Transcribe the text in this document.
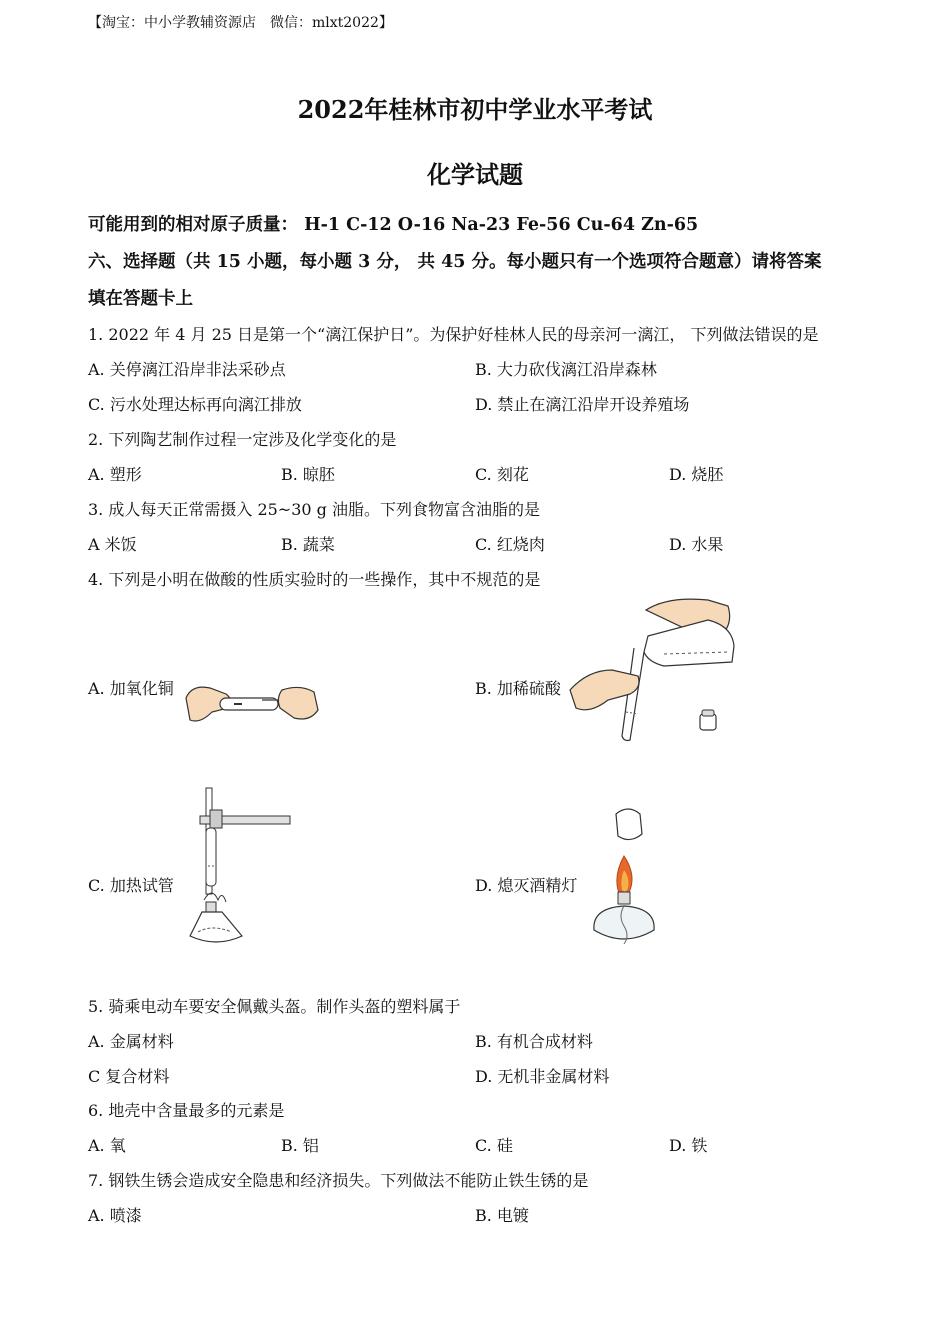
【淘宝：中小学教辅资源店　微信：mlxt2022】
2022年桂林市初中学业水平考试
化学试题
可能用到的相对原子质量： H-1 C-12 O-16 Na-23 Fe-56 Cu-64 Zn-65
六、选择题（共 15 小题，每小题 3 分， 共 45 分。每小题只有一个选项符合题意）请将答案
填在答题卡上
1. 2022 年 4 月 25 日是第一个“漓江保护日”。为保护好桂林人民的母亲河一漓江， 下列做法错误的是
A. 关停漓江沿岸非法采砂点	B. 大力砍伐漓江沿岸森林
C. 污水处理达标再向漓江排放	D. 禁止在漓江沿岸开设养殖场
2. 下列陶艺制作过程一定涉及化学变化的是
A. 塑形	B. 晾胚	C. 刻花	D. 烧胚
3. 成人每天正常需摄入 25~30 g 油脂。下列食物富含油脂的是
A 米饭	B. 蔬菜	C. 红烧肉	D. 水果
4. 下列是小明在做酸的性质实验时的一些操作，其中不规范的是
A. 加氧化铜	B. 加稀硫酸
C. 加热试管	D. 熄灭酒精灯
5. 骑乘电动车要安全佩戴头盔。制作头盔的塑料属于
A. 金属材料	B. 有机合成材料
C 复合材料	D. 无机非金属材料
6. 地壳中含量最多的元素是
A. 氧	B. 铝	C. 硅	D. 铁
7. 钢铁生锈会造成安全隐患和经济损失。下列做法不能防止铁生锈的是
A. 喷漆	B. 电镀
